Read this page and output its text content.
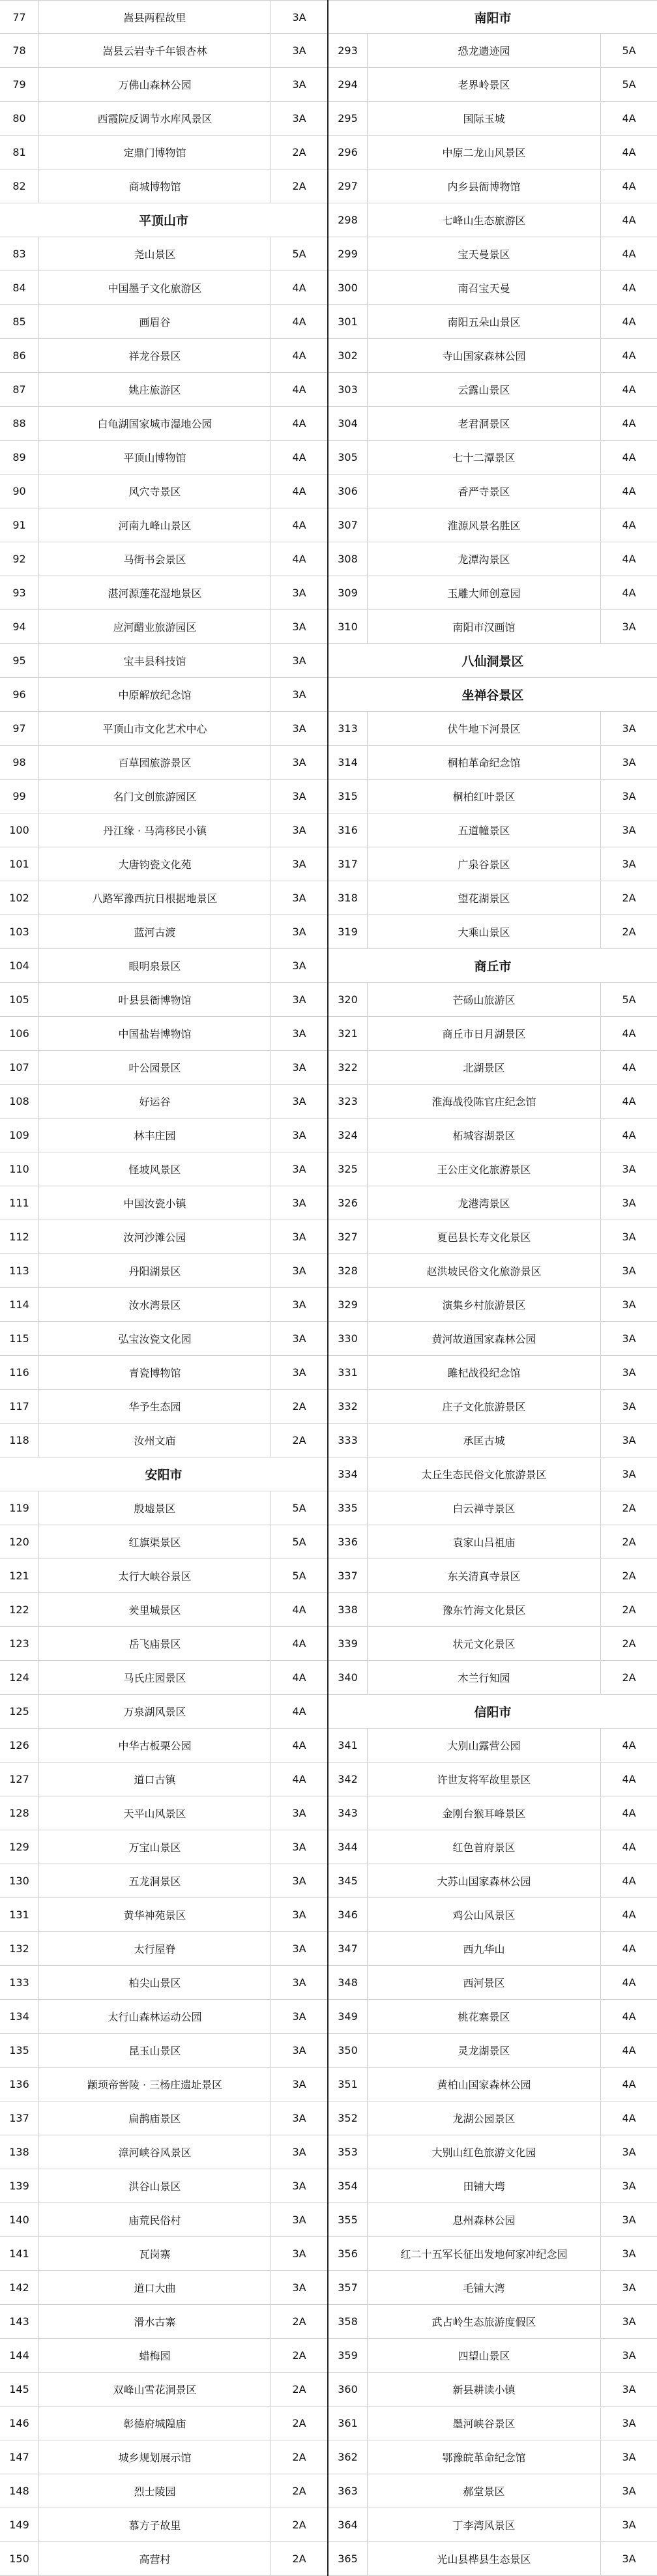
77	嵩县两程故里	3A
78	嵩县云岩寺千年银杏林	3A
79	万佛山森林公园	3A
80	西霞院反调节水库风景区	3A
81	定鼎门博物馆	2A
82	商城博物馆	2A
平顶山市
83	尧山景区	5A
84	中国墨子文化旅游区	4A
85	画眉谷	4A
86	祥龙谷景区	4A
87	姚庄旅游区	4A
88	白龟湖国家城市湿地公园	4A
89	平顶山博物馆	4A
90	风穴寺景区	4A
91	河南九峰山景区	4A
92	马街书会景区	4A
93	湛河源莲花湿地景区	3A
94	应河醋业旅游园区	3A
95	宝丰县科技馆	3A
96	中原解放纪念馆	3A
97	平顶山市文化艺术中心	3A
98	百草园旅游景区	3A
99	名门文创旅游园区	3A
100	丹江缘 · 马湾移民小镇	3A
101	大唐钧瓷文化苑	3A
102	八路军豫西抗日根据地景区	3A
103	蓝河古渡	3A
104	眼明泉景区	3A
105	叶县县衙博物馆	3A
106	中国盐岩博物馆	3A
107	叶公园景区	3A
108	好运谷	3A
109	林丰庄园	3A
110	怪坡风景区	3A
111	中国汝瓷小镇	3A
112	汝河沙滩公园	3A
113	丹阳湖景区	3A
114	汝水湾景区	3A
115	弘宝汝瓷文化园	3A
116	青瓷博物馆	3A
117	华予生态园	2A
118	汝州文庙	2A
安阳市
119	殷墟景区	5A
120	红旗渠景区	5A
121	太行大峡谷景区	5A
122	羑里城景区	4A
123	岳飞庙景区	4A
124	马氏庄园景区	4A
125	万泉湖风景区	4A
126	中华古板栗公园	4A
127	道口古镇	4A
128	天平山风景区	3A
129	万宝山景区	3A
130	五龙洞景区	3A
131	黄华神苑景区	3A
132	太行屋脊	3A
133	柏尖山景区	3A
134	太行山森林运动公园	3A
135	昆玉山景区	3A
136	颛顼帝喾陵 · 三杨庄遗址景区	3A
137	扁鹊庙景区	3A
138	漳河峡谷风景区	3A
139	洪谷山景区	3A
140	庙荒民俗村	3A
141	瓦岗寨	3A
142	道口大曲	3A
143	滑水古寨	2A
144	蜡梅园	2A
145	双峰山雪花洞景区	2A
146	彰德府城隍庙	2A
147	城乡规划展示馆	2A
148	烈士陵园	2A
149	慕方子故里	2A
150	高营村	2A
南阳市
293	恐龙遗迹园	5A
294	老界岭景区	5A
295	国际玉城	4A
296	中原二龙山风景区	4A
297	内乡县衙博物馆	4A
298	七峰山生态旅游区	4A
299	宝天曼景区	4A
300	南召宝天曼	4A
301	南阳五朵山景区	4A
302	寺山国家森林公园	4A
303	云露山景区	4A
304	老君洞景区	4A
305	七十二潭景区	4A
306	香严寺景区	4A
307	淮源风景名胜区	4A
308	龙潭沟景区	4A
309	玉雕大师创意园	4A
310	南阳市汉画馆	3A
八仙洞景区
坐禅谷景区
313	伏牛地下河景区	3A
314	桐柏革命纪念馆	3A
315	桐柏红叶景区	3A
316	五道幢景区	3A
317	广泉谷景区	3A
318	望花湖景区	2A
319	大乘山景区	2A
商丘市
320	芒砀山旅游区	5A
321	商丘市日月湖景区	4A
322	北湖景区	4A
323	淮海战役陈官庄纪念馆	4A
324	柘城容湖景区	4A
325	王公庄文化旅游景区	3A
326	龙港湾景区	3A
327	夏邑县长寿文化景区	3A
328	赵洪坡民俗文化旅游景区	3A
329	演集乡村旅游景区	3A
330	黄河故道国家森林公园	3A
331	雎杞战役纪念馆	3A
332	庄子文化旅游景区	3A
333	承匡古城	3A
334	太丘生态民俗文化旅游景区	3A
335	白云禅寺景区	2A
336	袁家山吕祖庙	2A
337	东关清真寺景区	2A
338	豫东竹海文化景区	2A
339	状元文化景区	2A
340	木兰行知园	2A
信阳市
341	大别山露营公园	4A
342	许世友将军故里景区	4A
343	金刚台猴耳峰景区	4A
344	红色首府景区	4A
345	大苏山国家森林公园	4A
346	鸡公山风景区	4A
347	西九华山	4A
348	西河景区	4A
349	桃花寨景区	4A
350	灵龙湖景区	4A
351	黄柏山国家森林公园	4A
352	龙湖公园景区	4A
353	大别山红色旅游文化园	3A
354	田铺大塆	3A
355	息州森林公园	3A
356	红二十五军长征出发地何家冲纪念园	3A
357	毛铺大湾	3A
358	武占岭生态旅游度假区	3A
359	四望山景区	3A
360	新县耕读小镇	3A
361	墨河峡谷景区	3A
362	鄂豫皖革命纪念馆	3A
363	郝堂景区	3A
364	丁李湾风景区	3A
365	光山县桦县生态景区	3A
